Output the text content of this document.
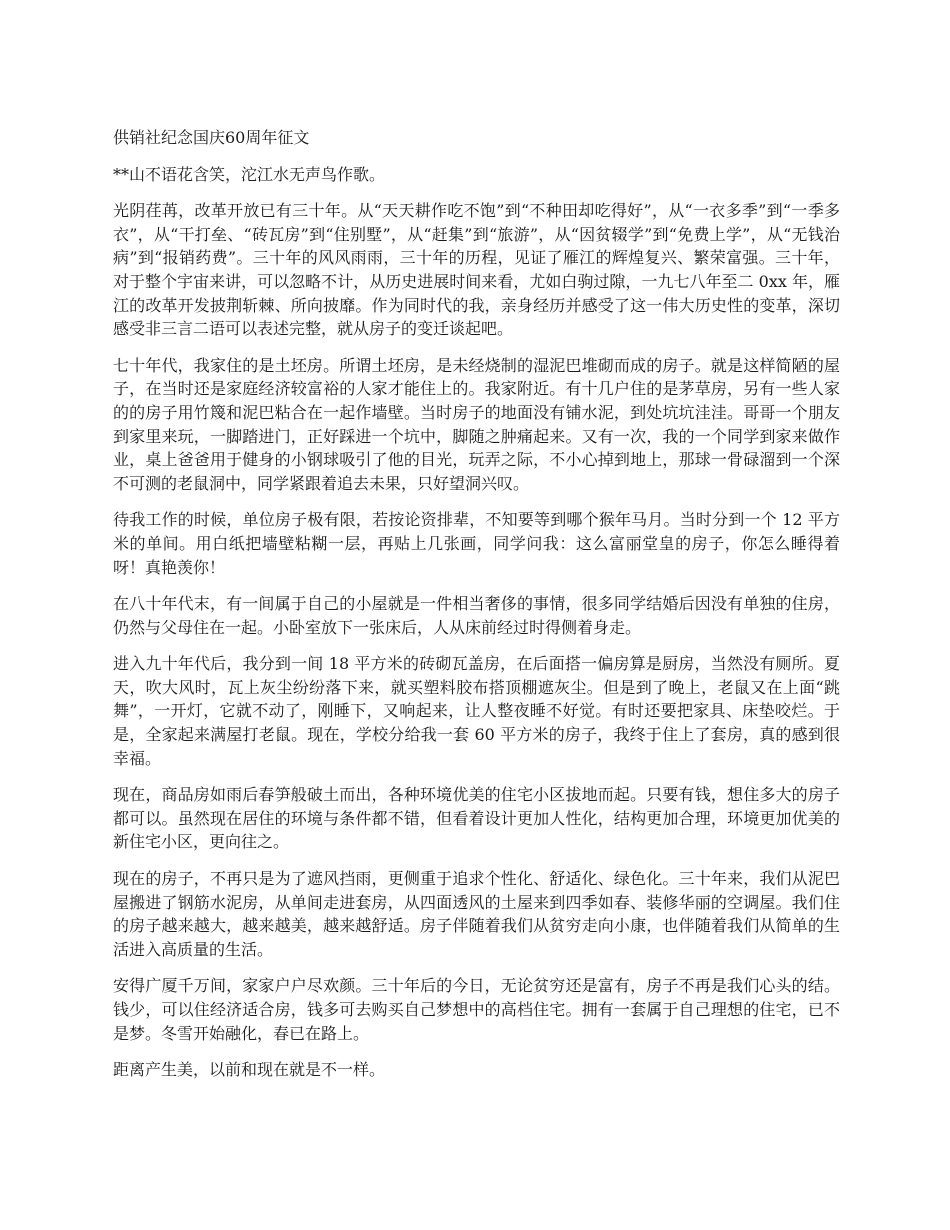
供销社纪念国庆60周年征文

**山不语花含笑，沱江水无声鸟作歌。

光阴荏苒，改革开放已有三十年。从“天天耕作吃不饱”到“不种田却吃得好”，从“一衣多季”到“一季多衣”，从“干打垒、“砖瓦房”到“住别墅”，从“赶集”到“旅游”，从“因贫辍学”到“免费上学”，从“无钱治病”到“报销药费”。三十年的风风雨雨，三十年的历程，见证了雁江的辉煌复兴、繁荣富强。三十年，对于整个宇宙来讲，可以忽略不计，从历史进展时间来看，尤如白驹过隙，一九七八年至二 0xx 年，雁江的改革开发披荆斩棘、所向披靡。作为同时代的我，亲身经历并感受了这一伟大历史性的变革，深切感受非三言二语可以表述完整，就从房子的变迁谈起吧。

七十年代，我家住的是土坯房。所谓土坯房，是未经烧制的湿泥巴堆砌而成的房子。就是这样简陋的屋子，在当时还是家庭经济较富裕的人家才能住上的。我家附近。有十几户住的是茅草房，另有一些人家的的房子用竹篾和泥巴粘合在一起作墙壁。当时房子的地面没有铺水泥，到处坑坑洼洼。哥哥一个朋友到家里来玩，一脚踏进门，正好踩进一个坑中，脚随之肿痛起来。又有一次，我的一个同学到家来做作业，桌上爸爸用于健身的小钢球吸引了他的目光，玩弄之际，不小心掉到地上，那球一骨碌溜到一个深不可测的老鼠洞中，同学紧跟着追去未果，只好望洞兴叹。

待我工作的时候，单位房子极有限，若按论资排辈，不知要等到哪个猴年马月。当时分到一个 12 平方米的单间。用白纸把墙壁粘糊一层，再贴上几张画，同学问我：这么富丽堂皇的房子，你怎么睡得着呀！真艳羡你！

在八十年代末，有一间属于自己的小屋就是一件相当奢侈的事情，很多同学结婚后因没有单独的住房，仍然与父母住在一起。小卧室放下一张床后，人从床前经过时得侧着身走。

进入九十年代后，我分到一间 18 平方米的砖砌瓦盖房，在后面搭一偏房算是厨房，当然没有厕所。夏天，吹大风时，瓦上灰尘纷纷落下来，就买塑料胶布搭顶棚遮灰尘。但是到了晚上，老鼠又在上面“跳舞”，一开灯，它就不动了，刚睡下，又响起来，让人整夜睡不好觉。有时还要把家具、床垫咬烂。于是，全家起来满屋打老鼠。现在，学校分给我一套 60 平方米的房子，我终于住上了套房，真的感到很幸福。

现在，商品房如雨后春笋般破土而出，各种环境优美的住宅小区拔地而起。只要有钱，想住多大的房子都可以。虽然现在居住的环境与条件都不错，但看着设计更加人性化，结构更加合理，环境更加优美的新住宅小区，更向往之。

现在的房子，不再只是为了遮风挡雨，更侧重于追求个性化、舒适化、绿色化。三十年来，我们从泥巴屋搬进了钢筋水泥房，从单间走进套房，从四面透风的土屋来到四季如春、装修华丽的空调屋。我们住的房子越来越大，越来越美，越来越舒适。房子伴随着我们从贫穷走向小康，也伴随着我们从简单的生活进入高质量的生活。

安得广厦千万间，家家户户尽欢颜。三十年后的今日，无论贫穷还是富有，房子不再是我们心头的结。钱少，可以住经济适合房，钱多可去购买自己梦想中的高档住宅。拥有一套属于自己理想的住宅，已不是梦。冬雪开始融化，春已在路上。

距离产生美，以前和现在就是不一样。
